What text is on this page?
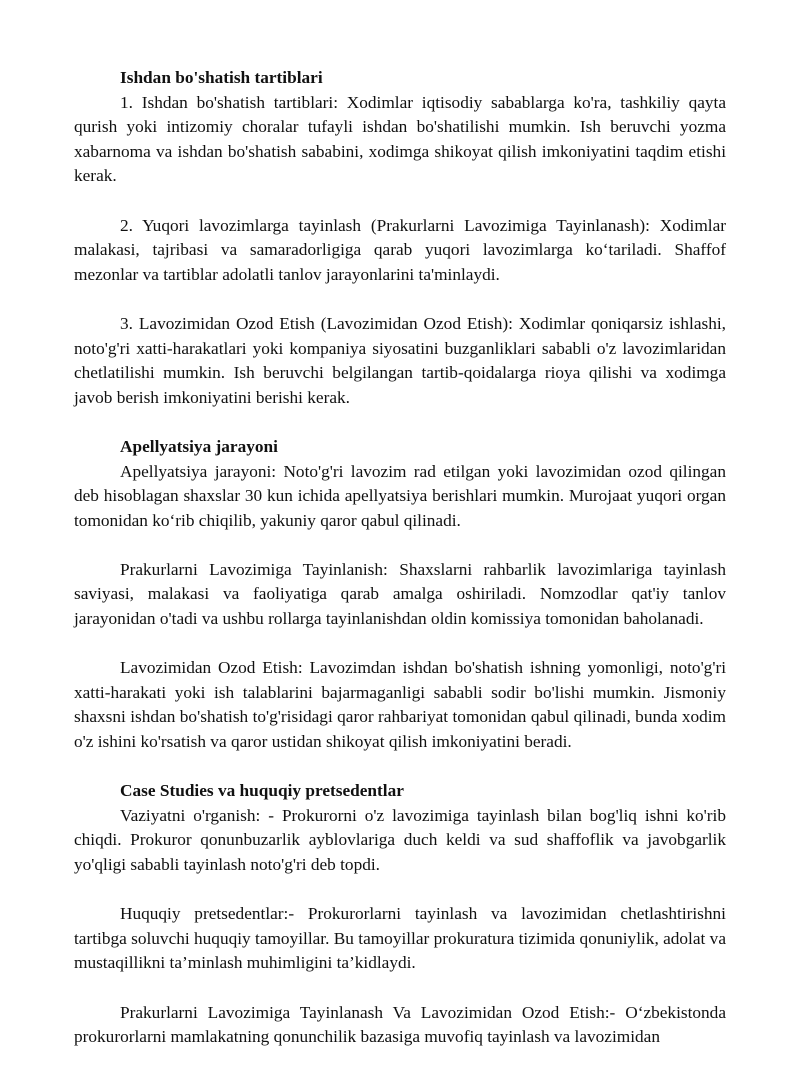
Ishdan bo'shatish tartiblari

1. Ishdan bo'shatish tartiblari: Xodimlar iqtisodiy sabablarga ko'ra, tashkiliy qayta qurish yoki intizomiy choralar tufayli ishdan bo'shatilishi mumkin. Ish beruvchi yozma xabarnoma va ishdan bo'shatish sababini, xodimga shikoyat qilish imkoniyatini taqdim etishi kerak.

2. Yuqori lavozimlarga tayinlash (Prakurlarni Lavozimiga Tayinlanash): Xodimlar malakasi, tajribasi va samaradorligiga qarab yuqori lavozimlarga ko‘tariladi. Shaffof mezonlar va tartiblar adolatli tanlov jarayonlarini ta'minlaydi.

3. Lavozimidan Ozod Etish (Lavozimidan Ozod Etish): Xodimlar qoniqarsiz ishlashi, noto'g'ri xatti-harakatlari yoki kompaniya siyosatini buzganliklari sababli o'z lavozimlaridan chetlatilishi mumkin. Ish beruvchi belgilangan tartib-qoidalarga rioya qilishi va xodimga javob berish imkoniyatini berishi kerak.

Apellyatsiya jarayoni

Apellyatsiya jarayoni: Noto'g'ri lavozim rad etilgan yoki lavozimidan ozod qilingan deb hisoblagan shaxslar 30 kun ichida apellyatsiya berishlari mumkin. Murojaat yuqori organ tomonidan ko‘rib chiqilib, yakuniy qaror qabul qilinadi.

Prakurlarni Lavozimiga Tayinlanish: Shaxslarni rahbarlik lavozimlariga tayinlash saviyasi, malakasi va faoliyatiga qarab amalga oshiriladi. Nomzodlar qat'iy tanlov jarayonidan o'tadi va ushbu rollarga tayinlanishdan oldin komissiya tomonidan baholanadi.

Lavozimidan Ozod Etish: Lavozimdan ishdan bo'shatish ishning yomonligi, noto'g'ri xatti-harakati yoki ish talablarini bajarmaganligi sababli sodir bo'lishi mumkin. Jismoniy shaxsni ishdan bo'shatish to'g'risidagi qaror rahbariyat tomonidan qabul qilinadi, bunda xodim o'z ishini ko'rsatish va qaror ustidan shikoyat qilish imkoniyatini beradi.

Case Studies va huquqiy pretsedentlar

Vaziyatni o'rganish: - Prokurorni o'z lavozimiga tayinlash bilan bog'liq ishni ko'rib chiqdi. Prokuror qonunbuzarlik ayblovlariga duch keldi va sud shaffoflik va javobgarlik yo'qligi sababli tayinlash noto'g'ri deb topdi.

Huquqiy pretsedentlar:- Prokurorlarni tayinlash va lavozimidan chetlashtirishni tartibga soluvchi huquqiy tamoyillar. Bu tamoyillar prokuratura tizimida qonuniylik, adolat va mustaqillikni ta’minlash muhimligini ta’kidlaydi.

Prakurlarni Lavozimiga Tayinlanash Va Lavozimidan Ozod Etish:- O‘zbekistonda prokurorlarni mamlakatning qonunchilik bazasiga muvofiq tayinlash va lavozimidan
